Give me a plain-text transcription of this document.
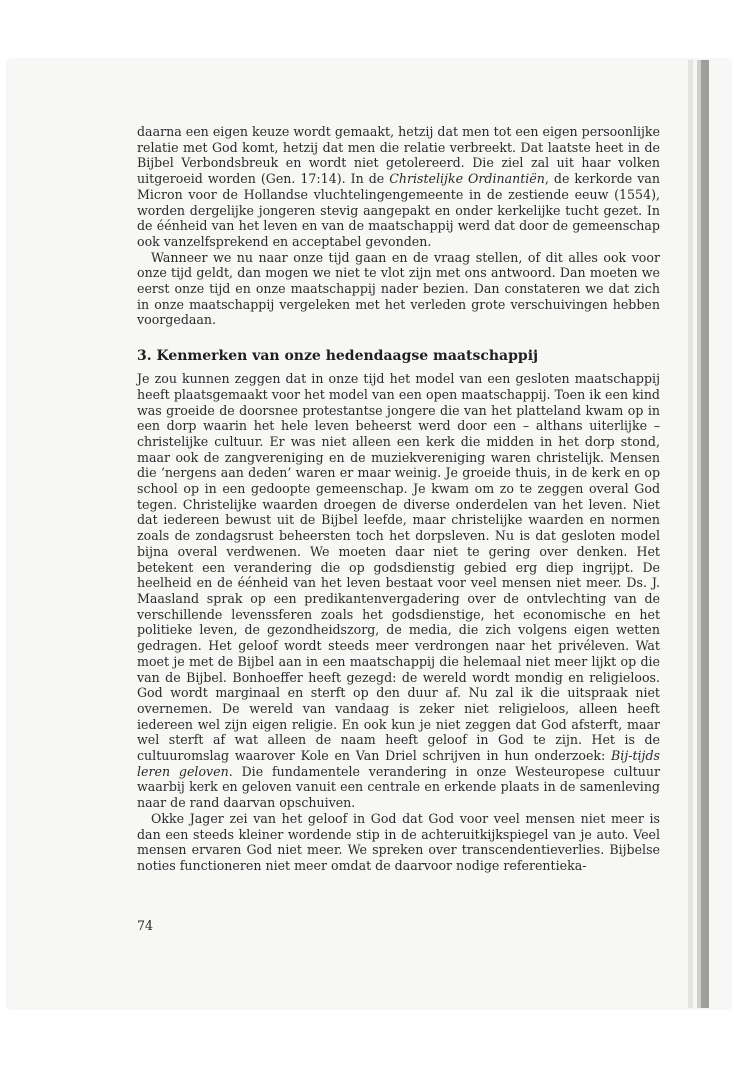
daarna een eigen keuze wordt gemaakt, hetzij dat men tot een eigen persoonlijke relatie met God komt, hetzij dat men die relatie verbreekt. Dat laatste heet in de Bijbel Verbondsbreuk en wordt niet getolereerd. Die ziel zal uit haar volken uitgeroeid worden (Gen. 17:14). In de Christelijke Ordinantiën, de kerkorde van Micron voor de Hollandse vluchtelingengemeente in de zestiende eeuw (1554), worden dergelijke jongeren stevig aangepakt en onder kerkelijke tucht gezet. In de éénheid van het leven en van de maatschappij werd dat door de gemeenschap ook vanzelfsprekend en acceptabel gevonden.

Wanneer we nu naar onze tijd gaan en de vraag stellen, of dit alles ook voor onze tijd geldt, dan mogen we niet te vlot zijn met ons antwoord. Dan moeten we eerst onze tijd en onze maatschappij nader bezien. Dan constateren we dat zich in onze maatschappij vergeleken met het verleden grote verschuivingen hebben voorgedaan.

3. Kenmerken van onze hedendaagse maatschappij

Je zou kunnen zeggen dat in onze tijd het model van een gesloten maatschappij heeft plaatsgemaakt voor het model van een open maatschappij. Toen ik een kind was groeide de doorsnee protestantse jongere die van het platteland kwam op in een dorp waarin het hele leven beheerst werd door een – althans uiterlijke – christelijke cultuur. Er was niet alleen een kerk die midden in het dorp stond, maar ook de zangvereniging en de muziekvereniging waren christelijk. Mensen die ‘nergens aan deden’ waren er maar weinig. Je groeide thuis, in de kerk en op school op in een gedoopte gemeenschap. Je kwam om zo te zeggen overal God tegen. Christelijke waarden droegen de diverse onderdelen van het leven. Niet dat iedereen bewust uit de Bijbel leefde, maar christelijke waarden en normen zoals de zondagsrust beheersten toch het dorpsleven. Nu is dat gesloten model bijna overal verdwenen. We moeten daar niet te gering over denken. Het betekent een verandering die op godsdienstig gebied erg diep ingrijpt. De heelheid en de éénheid van het leven bestaat voor veel mensen niet meer. Ds. J. Maasland sprak op een predikantenvergadering over de ontvlechting van de verschillende levenssferen zoals het godsdienstige, het economische en het politieke leven, de gezondheidszorg, de media, die zich volgens eigen wetten gedragen. Het geloof wordt steeds meer verdrongen naar het privéleven. Wat moet je met de Bijbel aan in een maatschappij die helemaal niet meer lijkt op die van de Bijbel. Bonhoeffer heeft gezegd: de wereld wordt mondig en religieloos. God wordt marginaal en sterft op den duur af. Nu zal ik die uitspraak niet overnemen. De wereld van vandaag is zeker niet religieloos, alleen heeft iedereen wel zijn eigen religie. En ook kun je niet zeggen dat God afsterft, maar wel sterft af wat alleen de naam heeft geloof in God te zijn. Het is de cultuuromslag waarover Kole en Van Driel schrijven in hun onderzoek: Bij-tijds leren geloven. Die fundamentele verandering in onze Westeuropese cultuur waarbij kerk en geloven vanuit een centrale en erkende plaats in de samenleving naar de rand daarvan opschuiven.

Okke Jager zei van het geloof in God dat God voor veel mensen niet meer is dan een steeds kleiner wordende stip in de achteruitkijkspiegel van je auto. Veel mensen ervaren God niet meer. We spreken over transcendentieverlies. Bijbelse noties functioneren niet meer omdat de daarvoor nodige referentieka-

74
